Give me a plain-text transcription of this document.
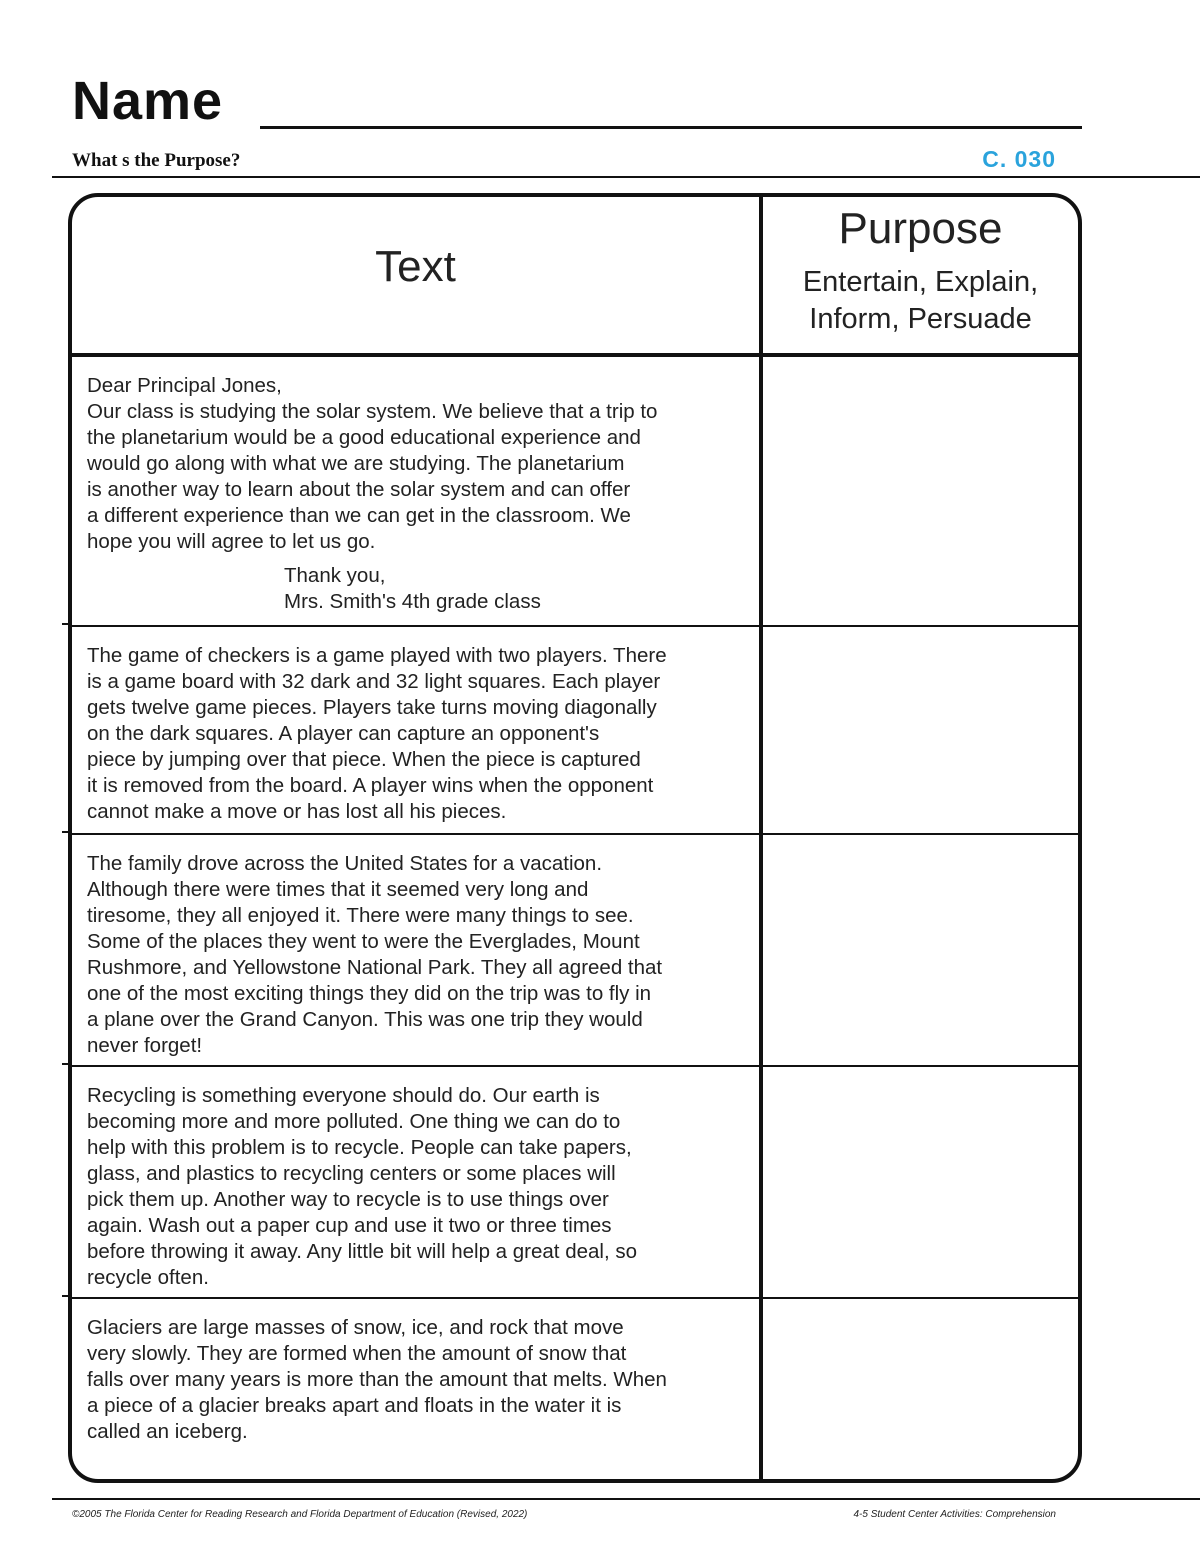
Name
What s the Purpose?	C. 030
Text
Purpose
Entertain, Explain,
Inform, Persuade

Dear Principal Jones,

Our class is studying the solar system. We believe that a trip to

the planetarium would be a good educational experience and

would go along with what we are studying. The planetarium

is another way to learn about the solar system and can offer

a different experience than we can get in the classroom. We

hope you will agree to let us go.

Thank you,

Mrs. Smith's 4th grade class

The game of checkers is a game played with two players. There

is a game board with 32 dark and 32 light squares. Each player

gets twelve game pieces. Players take turns moving diagonally

on the dark squares. A player can capture an opponent's

piece by jumping over that piece. When the piece is captured

it is removed from the board. A player wins when the opponent

cannot make a move or has lost all his pieces.

The family drove across the United States for a vacation.

Although there were times that it seemed very long and

tiresome, they all enjoyed it. There were many things to see.

Some of the places they went to were the Everglades, Mount

Rushmore, and Yellowstone National Park. They all agreed that

one of the most exciting things they did on the trip was to fly in

a plane over the Grand Canyon. This was one trip they would

never forget!

Recycling is something everyone should do. Our earth is

becoming more and more polluted. One thing we can do to

help with this problem is to recycle. People can take papers,

glass, and plastics to recycling centers or some places will

pick them up. Another way to recycle is to use things over

again. Wash out a paper cup and use it two or three times

before throwing it away. Any little bit will help a great deal, so

recycle often.

Glaciers are large masses of snow, ice, and rock that move

very slowly. They are formed when the amount of snow that

falls over many years is more than the amount that melts. When

a piece of a glacier breaks apart and floats in the water it is

called an iceberg.

©2005 The Florida Center for Reading Research and Florida Department of Education (Revised, 2022)	4-5 Student Center Activities: Comprehension
